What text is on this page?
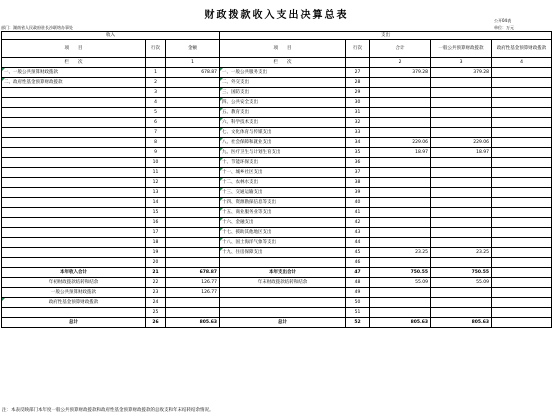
财政拨款收入支出决算总表	公开04表
部门：湖南省人民政府驻长沙联络办事处	单位：万元
收入			支出				
项　　目	行次	金额	项　　目	行次	合计	一般公共预算财政拨款	政府性基金预算财政拨款
栏　　次		1	栏　　次		2	3	4
一、一般公共预算财政拨款	1	678.87	一、一般公共服务支出	27	379.28	379.28	
二、政府性基金预算财政拨款	2		二、外交支出	28			
	3		三、国防支出	29			
	4		四、公共安全支出	30			
	5		五、教育支出	31			
	6		六、科学技术支出	32			
	7		七、文化体育与传媒支出	33			
	8		八、社会保障和就业支出	34	229.06	229.06	
	9		九、医疗卫生与计划生育支出	35	18.97	18.97	
	10		十、节能环保支出	36			
	11		十一、城乡社区支出	37			
	12		十二、农林水支出	38			
	13		十三、交通运输支出	39			
	14		十四、资源勘探信息等支出	40			
	15		十五、商业服务业等支出	41			
	16		十六、金融支出	42			
	17		十七、援助其他地区支出	43			
	18		十八、国土海洋气象等支出	44			
	19		十九、住房保障支出	45	23.25	23.25	
	20			46			
本年收入合计	21	678.87	本年支出合计	47	750.55	750.55	
年初财政拨款结转和结余	22	126.77	年末财政拨款结转和结余	48	55.09	55.09	
一般公共预算财政拨款	23	126.77		49			
政府性基金预算财政拨款	24			50			
	25			51			
总计	26	805.63	总计	52	805.63	805.63	
注：本表反映部门本年度一般公共预算财政拨款和政府性基金预算财政拨款的总收支和年末结转结余情况。
